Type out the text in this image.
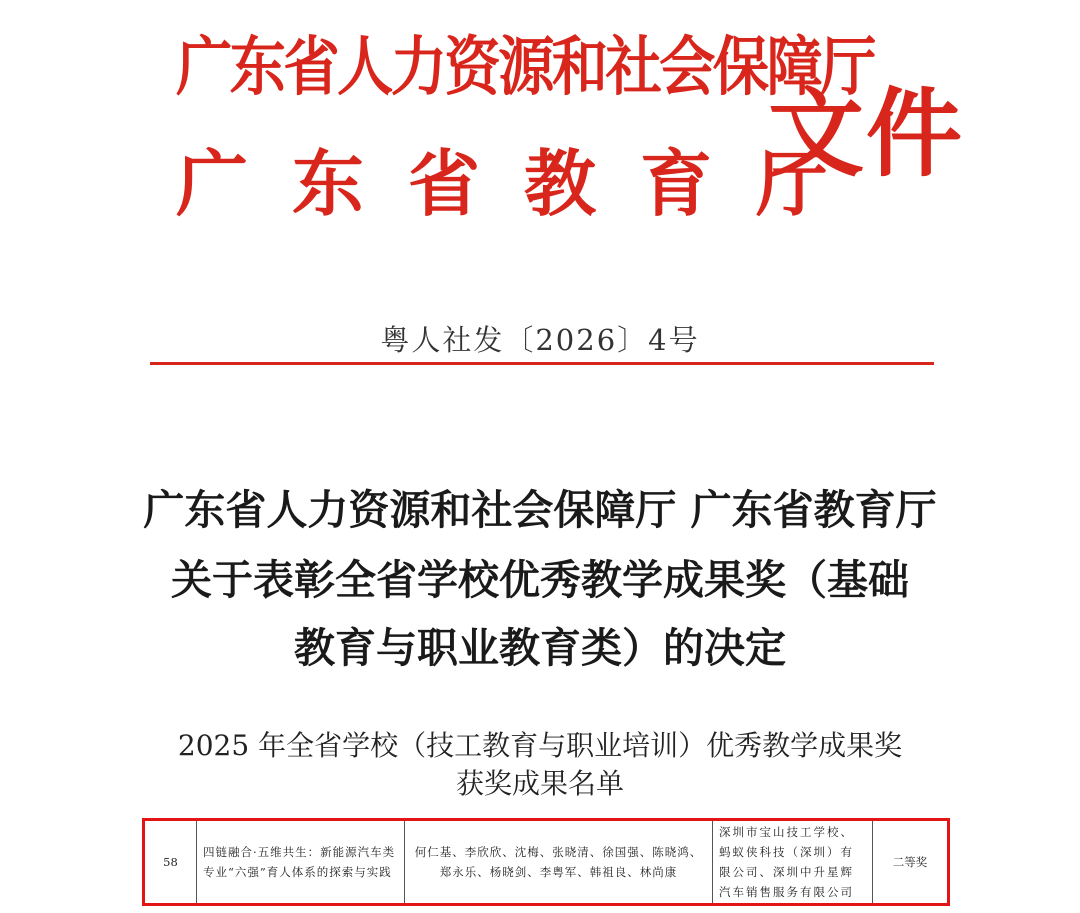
广东省人力资源和社会保障厅
广东省教育厅
文件
粤人社发〔2026〕4号
广东省人力资源和社会保障厅 广东省教育厅
关于表彰全省学校优秀教学成果奖（基础
教育与职业教育类）的决定
2025 年全省学校（技工教育与职业培训）优秀教学成果奖
获奖成果名单
58
四链融合·五维共生：新能源汽车类专业“六强”育人体系的探索与实践
何仁基、李欣欣、沈梅、张晓清、徐国强、陈晓鸿、郑永乐、杨晓剑、李粤军、韩祖良、林尚康
深圳市宝山技工学校、蚂蚁侠科技（深圳）有限公司、深圳中升星辉汽车销售服务有限公司
二等奖
